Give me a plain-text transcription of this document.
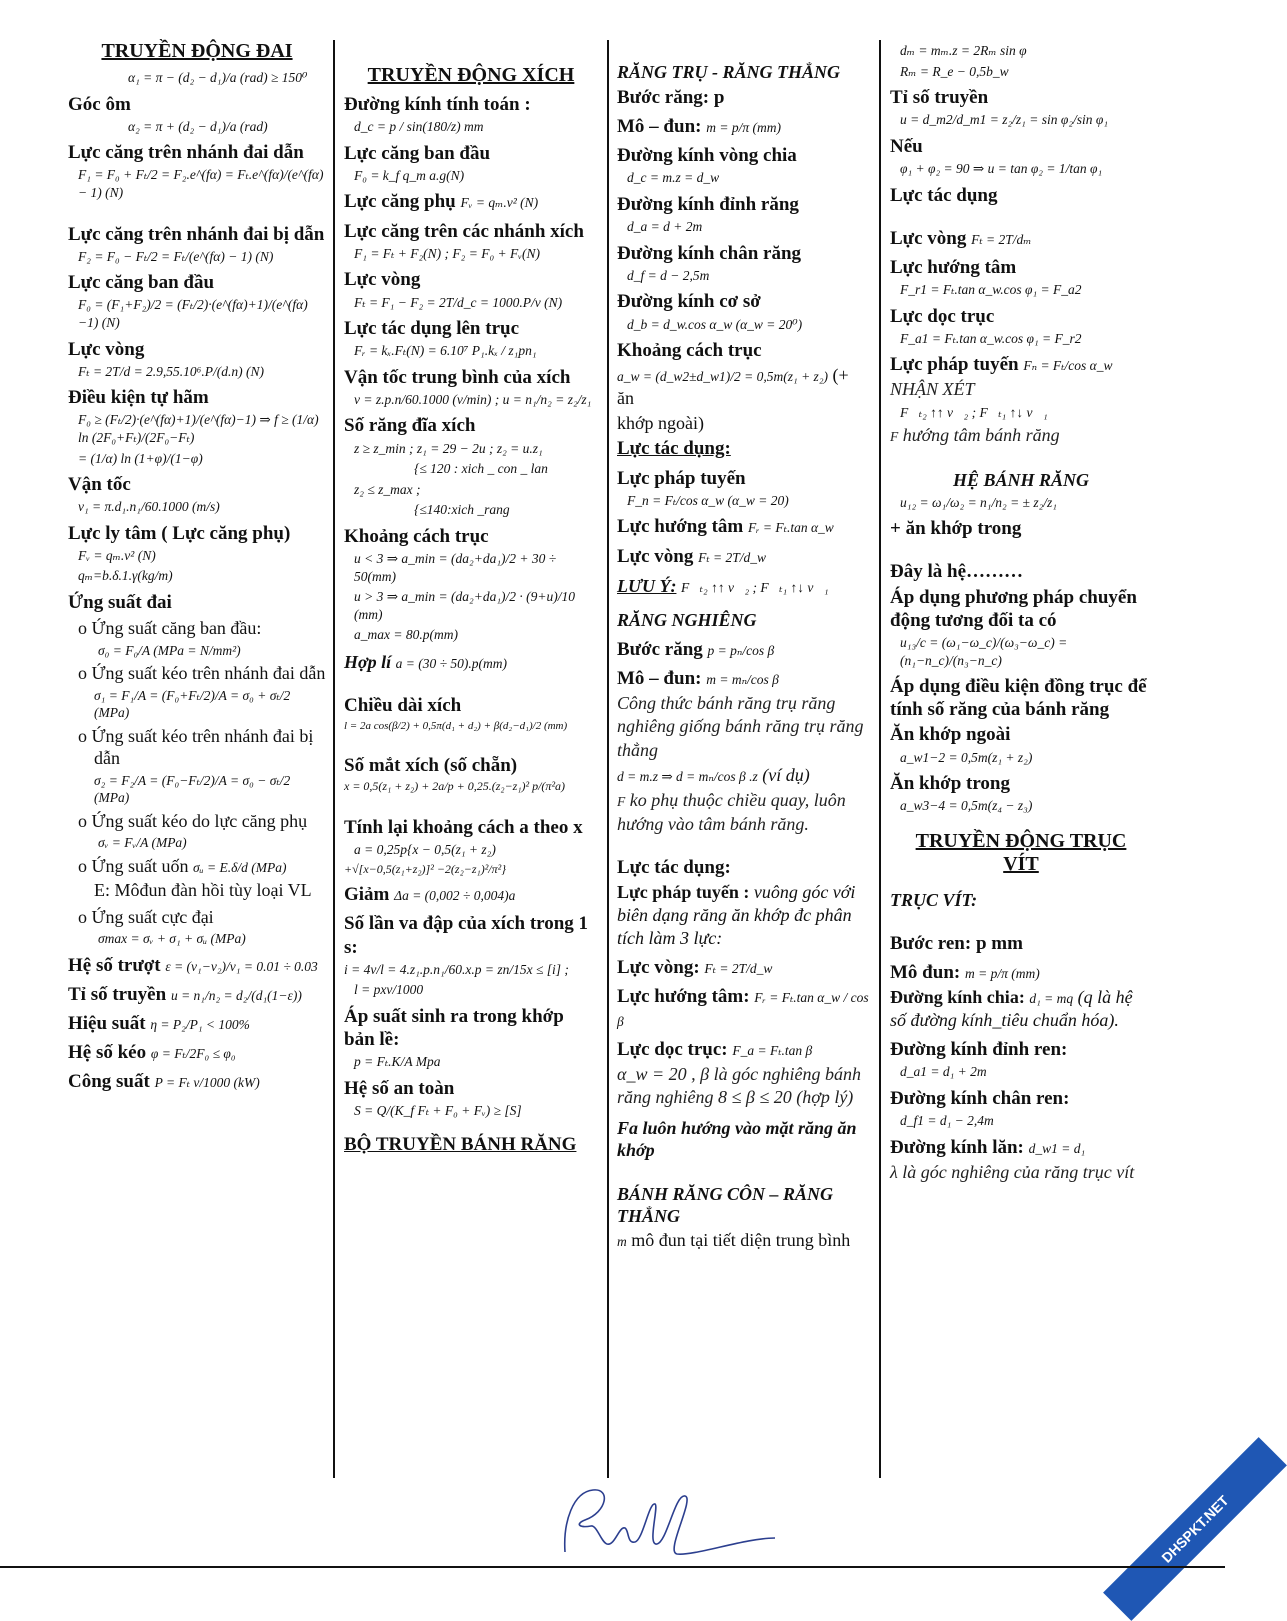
TRUYỀN ĐỘNG ĐAI
α₁ = π − (d₂ − d₁)/a (rad) ≥ 150⁰
Góc ôm
α₂ = π + (d₂ − d₁)/a (rad)
Lực căng trên nhánh đai dẫn
F₁ = F₀ + Fₜ/2 = F₂.e^(fα) = Fₜ.e^(fα)/(e^(fα) − 1) (N)
Lực căng trên nhánh đai bị dẫn
F₂ = F₀ − Fₜ/2 = Fₜ/(e^(fα) − 1) (N)
Lực căng ban đầu
F₀ = (F₁+F₂)/2 = (Fₜ/2)·(e^(fα)+1)/(e^(fα)−1) (N)
Lực vòng
Fₜ = 2T/d = 2.9,55.10⁶.P/(d.n) (N)
Điều kiện tự hãm
F₀ ≥ (Fₜ/2)·(e^(fα)+1)/(e^(fα)−1) ⇒ f ≥ (1/α) ln (2F₀+Fₜ)/(2F₀−Fₜ)
= (1/α) ln (1+φ)/(1−φ)
Vận tốc
v₁ = π.d₁.n₁/60.1000 (m/s)
Lực ly tâm ( Lực căng phụ)
Fᵥ = qₘ.v² (N)
qₘ=b.δ.1.γ(kg/m)
Ứng suất đai
o Ứng suất căng ban đầu:
σ₀ = F₀/A (MPa = N/mm²)
o Ứng suất kéo trên nhánh đai dẫn
σ₁ = F₁/A = (F₀+Fₜ/2)/A = σ₀ + σₜ/2 (MPa)
o Ứng suất kéo trên nhánh đai bị dẫn
σ₂ = F₂/A = (F₀−Fₜ/2)/A = σ₀ − σₜ/2 (MPa)
o Ứng suất kéo do lực căng phụ
σᵥ = Fᵥ/A (MPa)
o Ứng suất uốn σᵤ = E.δ/d (MPa)
E: Môđun đàn hồi tùy loại VL
o Ứng suất cực đại
σmax = σᵥ + σ₁ + σᵤ (MPa)
Hệ số trượt ε = (v₁−v₂)/v₁ = 0.01 ÷ 0.03
Tỉ số truyền u = n₁/n₂ = d₂/(d₁(1−ε))
Hiệu suất η = P₂/P₁ < 100%
Hệ số kéo φ = Fₜ/2F₀ ≤ φ₀
Công suất P = Fₜ v/1000 (kW)
TRUYỀN ĐỘNG XÍCH
Đường kính tính toán :
d_c = p / sin(180/z) mm
Lực căng ban đầu
F₀ = k_f q_m a.g(N)
Lực căng phụ Fᵥ = qₘ.v² (N)
Lực căng trên các nhánh xích
F₁ = Fₜ + F₂(N) ; F₂ = F₀ + Fᵥ(N)
Lực vòng
Fₜ = F₁ − F₂ = 2T/d_c = 1000.P/v (N)
Lực tác dụng lên trục
Fᵣ = kₓ.Fₜ(N) = 6.10⁷ P₁.kₓ / z₁pn₁
Vận tốc trung bình của xích
v = z.p.n/60.1000 (v/min) ; u = n₁/n₂ = z₂/z₁
Số răng đĩa xích
z ≥ z_min ; z₁ = 29 − 2u ; z₂ = u.z₁
{≤ 120 : xich _ con _ lan
z₂ ≤ z_max ;
{≤140:xich _rang
Khoảng cách trục
u < 3 ⇒ a_min = (da₂+da₁)/2 + 30 ÷ 50(mm)
u > 3 ⇒ a_min = (da₂+da₁)/2 · (9+u)/10 (mm)
a_max = 80.p(mm)
Hợp lí a = (30 ÷ 50).p(mm)
Chiều dài xích
l = 2a cos(β/2) + 0,5π(d₁ + d₂) + β(d₂−d₁)/2 (mm)
Số mắt xích (số chẵn)
x = 0,5(z₁ + z₂) + 2a/p + 0,25.(z₂−z₁)² p/(π²a)
Tính lại khoảng cách a theo x
a = 0,25p{x − 0,5(z₁ + z₂)
+√[x−0,5(z₁+z₂)]² −2(z₂−z₁)²/π²}
Giảm Δa = (0,002 ÷ 0,004)a
Số lần va đập của xích trong 1 s:
i = 4v/l = 4.z₁.p.n₁/60.x.p = zn/15x ≤ [i] ;
l = pxv/1000
Áp suất sinh ra trong khớp bản lề:
p = Fₜ.K/A Mpa
Hệ số an toàn
S = Q/(K_f Fₜ + F₀ + Fᵥ) ≥ [S]
BỘ TRUYỀN BÁNH RĂNG
RĂNG TRỤ - RĂNG THẲNG
Bước răng: p
Mô – đun: m = p/π (mm)
Đường kính vòng chia
d_c = m.z = d_w
Đường kính đỉnh răng
d_a = d + 2m
Đường kính chân răng
d_f = d − 2,5m
Đường kính cơ sở
d_b = d_w.cos α_w (α_w = 20⁰)
Khoảng cách trục
a_w = (d_w2±d_w1)/2 = 0,5m(z₁ + z₂) (+ ăn
khớp ngoài)
Lực tác dụng:
Lực pháp tuyến
F_n = Fₜ/cos α_w (α_w = 20)
Lực hướng tâm Fᵣ = Fₜ.tan α_w
Lực vòng Fₜ = 2T/d_w
LƯU Ý: F⃗ₜ₂ ↑↑ v⃗₂ ; F⃗ₜ₁ ↑↓ v⃗₁
RĂNG NGHIÊNG
Bước răng p = pₙ/cos β
Mô – đun: m = mₙ/cos β
Công thức bánh răng trụ răng nghiêng giống bánh răng trụ răng thẳng
d = m.z ⇒ d = mₙ/cos β .z (ví dụ)
F ko phụ thuộc chiều quay, luôn hướng vào tâm bánh răng.
Lực tác dụng:
Lực pháp tuyến : vuông góc với biên dạng răng ăn khớp đc phân tích làm 3 lực:
Lực vòng: Fₜ = 2T/d_w
Lực hướng tâm: Fᵣ = Fₜ.tan α_w / cos β
Lực dọc trục: F_a = Fₜ.tan β
α_w = 20 , β là góc nghiêng bánh răng nghiêng 8 ≤ β ≤ 20 (hợp lý)
Fa luôn hướng vào mặt răng ăn khớp
BÁNH RĂNG CÔN – RĂNG THẲNG
m mô đun tại tiết diện trung bình
dₘ = mₘ.z = 2Rₘ sin φ
Rₘ = R_e − 0,5b_w
Tỉ số truyền
u = d_m2/d_m1 = z₂/z₁ = sin φ₂/sin φ₁
Nếu
φ₁ + φ₂ = 90 ⇒ u = tan φ₂ = 1/tan φ₁
Lực tác dụng
Lực vòng Fₜ = 2T/dₘ
Lực hướng tâm
F_r1 = Fₜ.tan α_w.cos φ₁ = F_a2
Lực dọc trục
F_a1 = Fₜ.tan α_w.cos φ₁ = F_r2
Lực pháp tuyến Fₙ = Fₜ/cos α_w
NHẬN XÉT
F⃗ₜ₂ ↑↑ v⃗₂ ; F⃗ₜ₁ ↑↓ v⃗₁
F hướng tâm bánh răng
HỆ BÁNH RĂNG
u₁₂ = ω₁/ω₂ = n₁/n₂ = ± z₂/z₁
+ ăn khớp trong
Đây là hệ………
Áp dụng phương pháp chuyển động tương đối ta có
u₁₃/c = (ω₁−ω_c)/(ω₃−ω_c) = (n₁−n_c)/(n₃−n_c)
Áp dụng điều kiện đồng trục để tính số răng của bánh răng
Ăn khớp ngoài
a_w1−2 = 0,5m(z₁ + z₂)
Ăn khớp trong
a_w3−4 = 0,5m(z₄ − z₃)
TRUYỀN ĐỘNG TRỤC VÍT
TRỤC VÍT:
Bước ren: p mm
Mô đun: m = p/π (mm)
Đường kính chia: d₁ = mq (q là hệ số đường kính_tiêu chuẩn hóa).
Đường kính đỉnh ren:
d_a1 = d₁ + 2m
Đường kính chân ren:
d_f1 = d₁ − 2,4m
Đường kính lăn: d_w1 = d₁
λ là góc nghiêng của răng trục vít
DHSPKT.NET
